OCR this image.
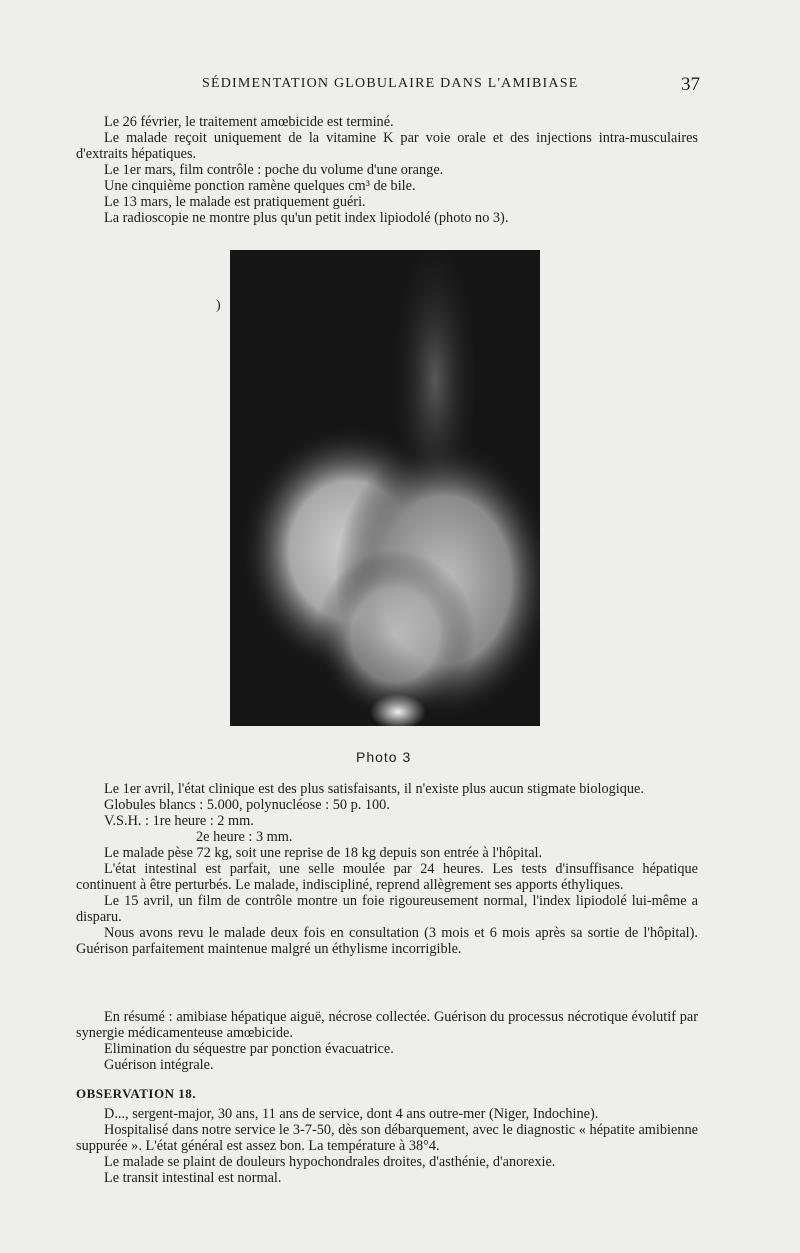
SÉDIMENTATION GLOBULAIRE DANS L'AMIBIASE	37

Le 26 février, le traitement amœbicide est terminé.

Le malade reçoit uniquement de la vitamine K par voie orale et des injections intra-musculaires d'extraits hépatiques.

Le 1er mars, film contrôle : poche du volume d'une orange.

Une cinquième ponction ramène quelques cm³ de bile.

Le 13 mars, le malade est pratiquement guéri.

La radioscopie ne montre plus qu'un petit index lipiodolé (photo no 3).

)
Photo 3

Le 1er avril, l'état clinique est des plus satisfaisants, il n'existe plus aucun stigmate biologique.

Globules blancs : 5.000, polynucléose : 50 p. 100.

V.S.H. : 1re heure : 2 mm.

2e heure : 3 mm.

Le malade pèse 72 kg, soit une reprise de 18 kg depuis son entrée à l'hôpital.

L'état intestinal est parfait, une selle moulée par 24 heures. Les tests d'insuffisance hépatique continuent à être perturbés. Le malade, indiscipliné, reprend allègrement ses apports éthyliques.

Le 15 avril, un film de contrôle montre un foie rigoureusement normal, l'index lipiodolé lui-même a disparu.

Nous avons revu le malade deux fois en consultation (3 mois et 6 mois après sa sortie de l'hôpital). Guérison parfaitement maintenue malgré un éthylisme incorrigible.

En résumé : amibiase hépatique aiguë, nécrose collectée. Guérison du processus nécrotique évolutif par synergie médicamenteuse amœbicide.

Elimination du séquestre par ponction évacuatrice.

Guérison intégrale.

OBSERVATION 18.

D..., sergent-major, 30 ans, 11 ans de service, dont 4 ans outre-mer (Niger, Indochine).

Hospitalisé dans notre service le 3-7-50, dès son débarquement, avec le diagnostic « hépatite amibienne suppurée ». L'état général est assez bon. La température à 38°4.

Le malade se plaint de douleurs hypochondrales droites, d'asthénie, d'anorexie.

Le transit intestinal est normal.
